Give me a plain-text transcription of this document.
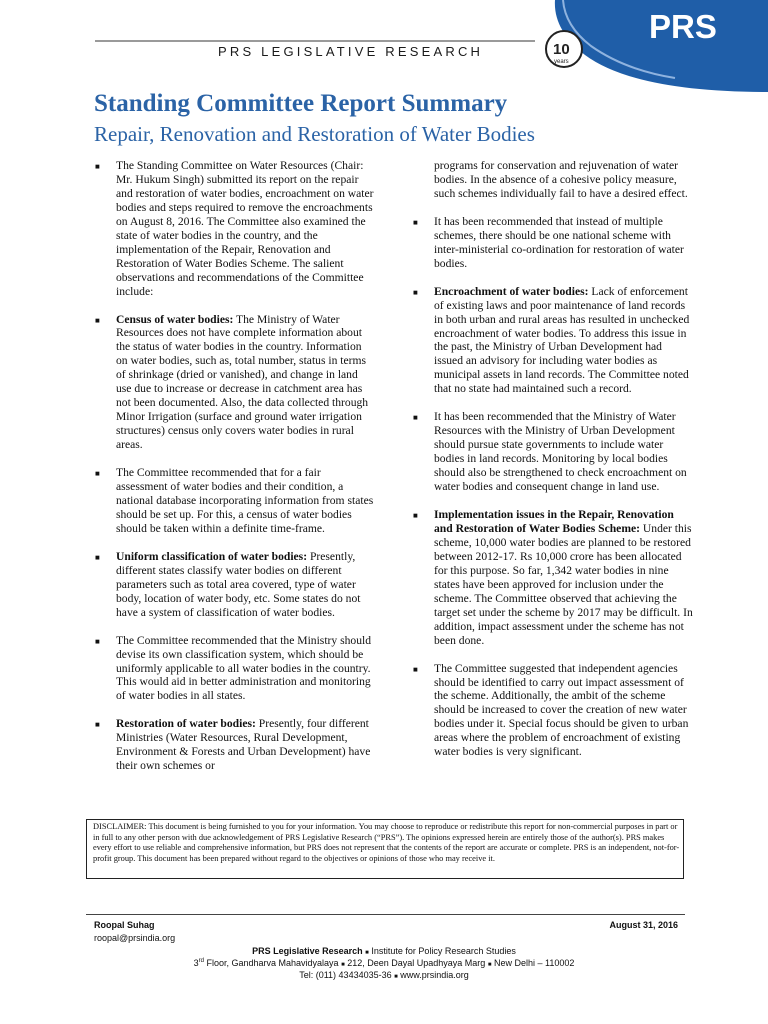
PRS LEGISLATIVE RESEARCH
PRS
10
years
Standing Committee Report Summary
Repair, Renovation and Restoration of Water Bodies
■ The Standing Committee on Water Resources (Chair: Mr. Hukum Singh) submitted its report on the repair and restoration of water bodies, encroachment on water bodies and steps required to remove the encroachments on August 8, 2016. The Committee also examined the state of water bodies in the country, and the implementation of the Repair, Renovation and Restoration of Water Bodies Scheme. The salient observations and recommendations of the Committee include:
■ Census of water bodies: The Ministry of Water Resources does not have complete information about the status of water bodies in the country. Information on water bodies, such as, total number, status in terms of shrinkage (dried or vanished), and change in land use due to increase or decrease in catchment area has not been documented. Also, the data collected through Minor Irrigation (surface and ground water irrigation structures) census only covers water bodies in rural areas.
■ The Committee recommended that for a fair assessment of water bodies and their condition, a national database incorporating information from states should be set up. For this, a census of water bodies should be taken within a definite time-frame.
■ Uniform classification of water bodies: Presently, different states classify water bodies on different parameters such as total area covered, type of water body, location of water body, etc. Some states do not have a system of classification of water bodies.
■ The Committee recommended that the Ministry should devise its own classification system, which should be uniformly applicable to all water bodies in the country. This would aid in better administration and monitoring of water bodies in all states.
■ Restoration of water bodies: Presently, four different Ministries (Water Resources, Rural Development, Environment & Forests and Urban Development) have their own schemes or
programs for conservation and rejuvenation of water bodies. In the absence of a cohesive policy measure, such schemes individually fail to have a desired effect.
■ It has been recommended that instead of multiple schemes, there should be one national scheme with inter-ministerial co-ordination for restoration of water bodies.
■ Encroachment of water bodies: Lack of enforcement of existing laws and poor maintenance of land records in both urban and rural areas has resulted in unchecked encroachment of water bodies. To address this issue in the past, the Ministry of Urban Development had issued an advisory for including water bodies as municipal assets in land records. The Committee noted that no state had maintained such a record.
■ It has been recommended that the Ministry of Water Resources with the Ministry of Urban Development should pursue state governments to include water bodies in land records. Monitoring by local bodies should also be strengthened to check encroachment on water bodies and consequent change in land use.
■ Implementation issues in the Repair, Renovation and Restoration of Water Bodies Scheme: Under this scheme, 10,000 water bodies are planned to be restored between 2012-17. Rs 10,000 crore has been allocated for this purpose. So far, 1,342 water bodies in nine states have been approved for inclusion under the scheme. The Committee observed that achieving the target set under the scheme by 2017 may be difficult. In addition, impact assessment under the scheme has not been done.
■ The Committee suggested that independent agencies should be identified to carry out impact assessment of the scheme. Additionally, the ambit of the scheme should be increased to cover the creation of new water bodies under it. Special focus should be given to urban areas where the problem of encroachment of existing water bodies is very significant.
DISCLAIMER: This document is being furnished to you for your information. You may choose to reproduce or redistribute this report for non-commercial purposes in part or in full to any other person with due acknowledgement of PRS Legislative Research (“PRS”). The opinions expressed herein are entirely those of the author(s). PRS makes every effort to use reliable and comprehensive information, but PRS does not represent that the contents of the report are accurate or complete. PRS is an independent, not-for-profit group. This document has been prepared without regard to the objectives or opinions of those who may receive it.
Roopal Suhag
roopal@prsindia.org
August 31, 2016
PRS Legislative Research ■ Institute for Policy Research Studies
3rd Floor, Gandharva Mahavidyalaya ■ 212, Deen Dayal Upadhyaya Marg ■ New Delhi – 110002
Tel: (011) 43434035-36 ■ www.prsindia.org
